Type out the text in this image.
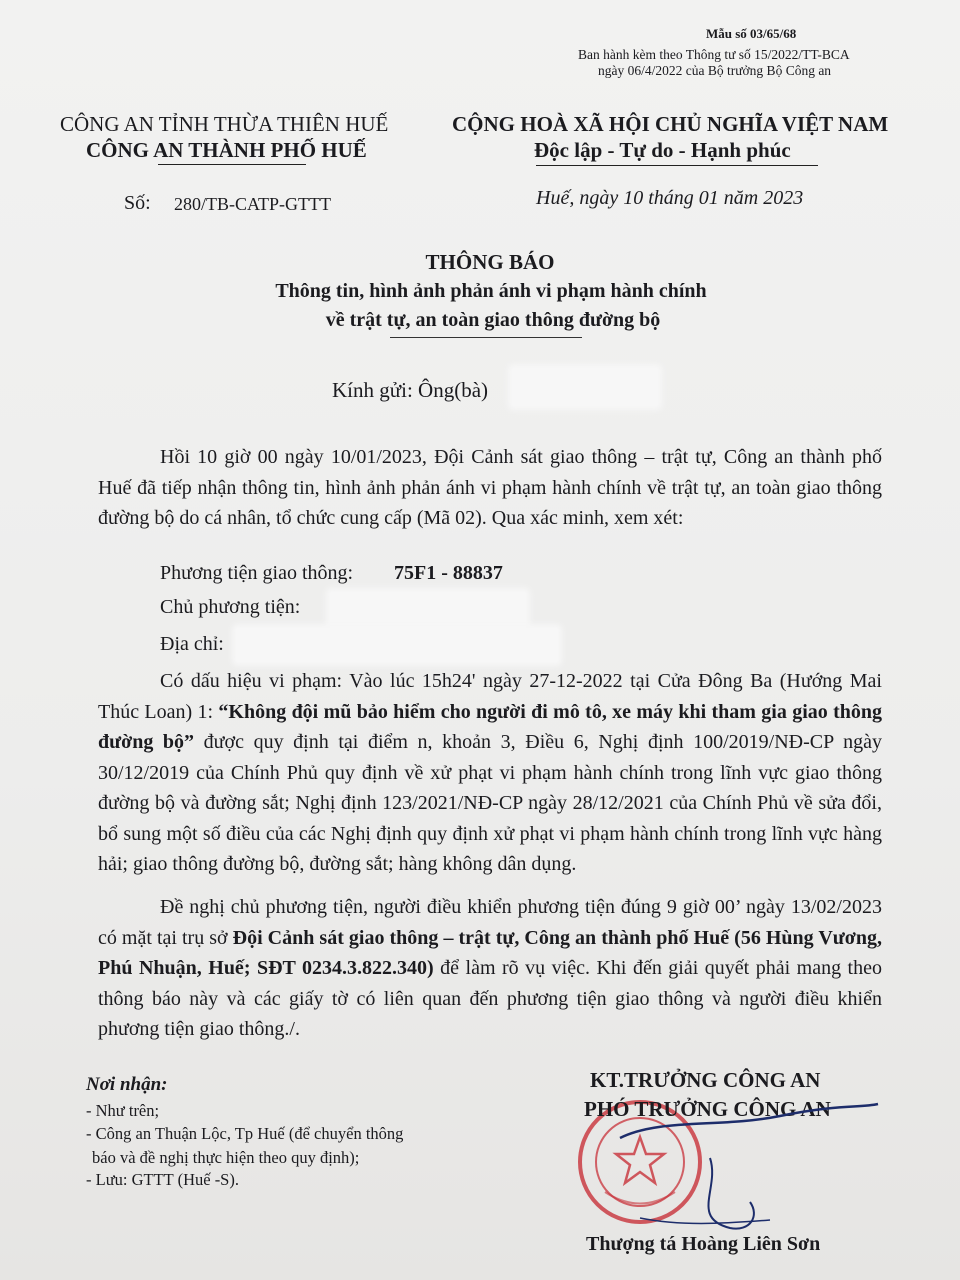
Mẫu số 03/65/68
Ban hành kèm theo Thông tư số 15/2022/TT-BCA
ngày 06/4/2022 của Bộ trưởng Bộ Công an
CÔNG AN TỈNH THỪA THIÊN HUẾ
CÔNG AN THÀNH PHỐ HUẾ
CỘNG HOÀ XÃ HỘI CHỦ NGHĨA VIỆT NAM
Độc lập - Tự do - Hạnh phúc
Số: 280/TB-CATP-GTTT	Huế, ngày 10 tháng 01 năm 2023
THÔNG BÁO
Thông tin, hình ảnh phản ánh vi phạm hành chính
về trật tự, an toàn giao thông đường bộ
Kính gửi: Ông(bà)
Hồi 10 giờ 00 ngày 10/01/2023, Đội Cảnh sát giao thông – trật tự, Công an thành phố Huế đã tiếp nhận thông tin, hình ảnh phản ánh vi phạm hành chính về trật tự, an toàn giao thông đường bộ do cá nhân, tổ chức cung cấp (Mã 02). Qua xác minh, xem xét:
Phương tiện giao thông: 75F1 - 88837
Chủ phương tiện:
Địa chỉ:
Có dấu hiệu vi phạm: Vào lúc 15h24' ngày 27-12-2022 tại Cửa Đông Ba (Hướng Mai Thúc Loan) 1: “Không đội mũ bảo hiểm cho người đi mô tô, xe máy khi tham gia giao thông đường bộ” được quy định tại điểm n, khoản 3, Điều 6, Nghị định 100/2019/NĐ-CP ngày 30/12/2019 của Chính Phủ quy định về xử phạt vi phạm hành chính trong lĩnh vực giao thông đường bộ và đường sắt; Nghị định 123/2021/NĐ-CP ngày 28/12/2021 của Chính Phủ về sửa đổi, bổ sung một số điều của các Nghị định quy định xử phạt vi phạm hành chính trong lĩnh vực hàng hải; giao thông đường bộ, đường sắt; hàng không dân dụng.
Đề nghị chủ phương tiện, người điều khiển phương tiện đúng 9 giờ 00’ ngày 13/02/2023 có mặt tại trụ sở Đội Cảnh sát giao thông – trật tự, Công an thành phố Huế (56 Hùng Vương, Phú Nhuận, Huế; SĐT 0234.3.822.340) để làm rõ vụ việc. Khi đến giải quyết phải mang theo thông báo này và các giấy tờ có liên quan đến phương tiện giao thông và người điều khiển phương tiện giao thông./.
Nơi nhận:
- Như trên;
- Công an Thuận Lộc, Tp Huế (để chuyển thông
báo và đề nghị thực hiện theo quy định);
- Lưu: GTTT (Huế -S).
KT.TRƯỞNG CÔNG AN
PHÓ TRƯỞNG CÔNG AN
Thượng tá Hoàng Liên Sơn
